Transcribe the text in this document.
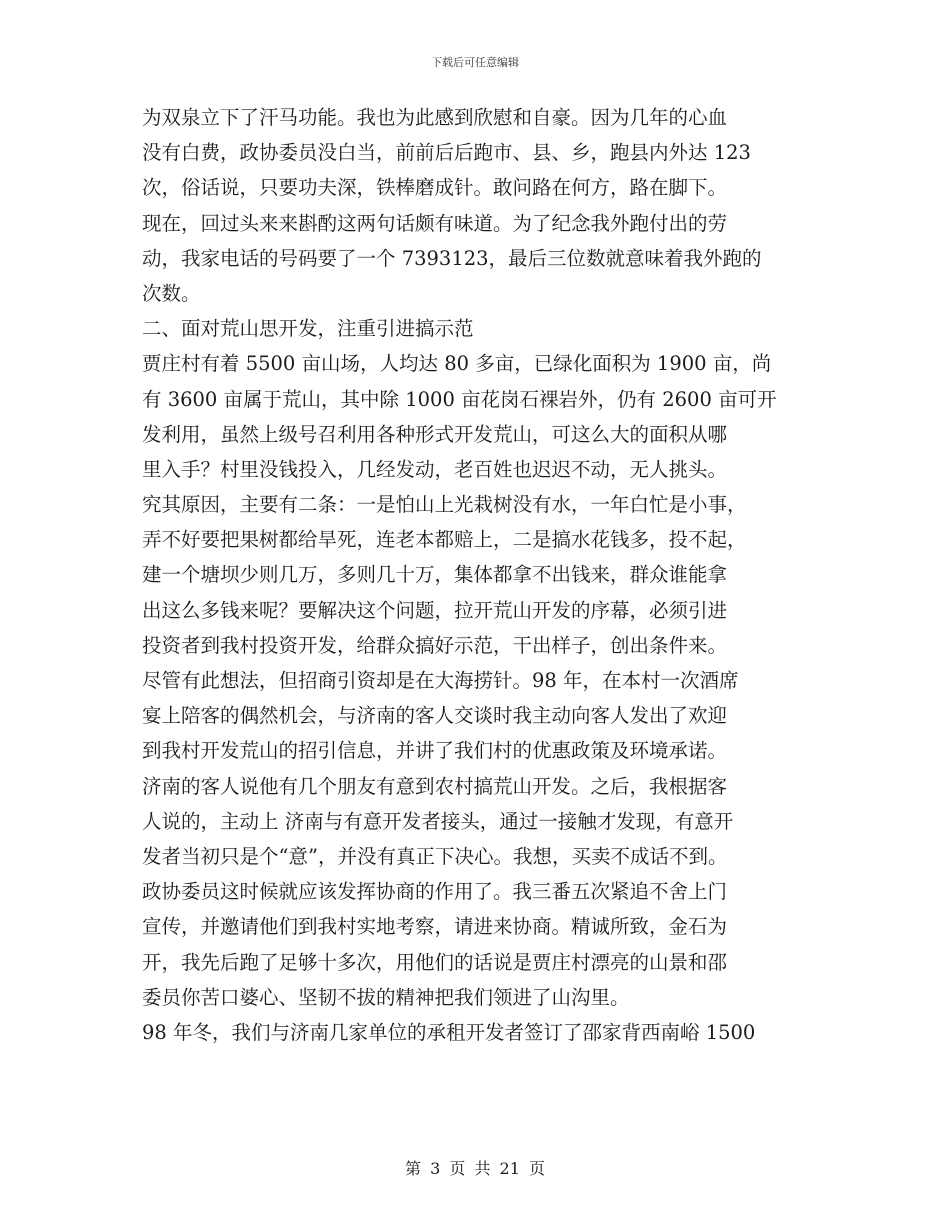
下载后可任意编辑
为双泉立下了汗马功能。我也为此感到欣慰和自豪。因为几年的心血
没有白费，政协委员没白当，前前后后跑市、县、乡，跑县内外达 123
次，俗话说，只要功夫深，铁棒磨成针。敢问路在何方，路在脚下。
现在，回过头来来斟酌这两句话颇有味道。为了纪念我外跑付出的劳
动，我家电话的号码要了一个 7393123，最后三位数就意味着我外跑的
次数。
二、面对荒山思开发，注重引进搞示范
贾庄村有着 5500 亩山场，人均达 80 多亩，已绿化面积为 1900 亩，尚
有 3600 亩属于荒山，其中除 1000 亩花岗石裸岩外，仍有 2600 亩可开
发利用，虽然上级号召利用各种形式开发荒山，可这么大的面积从哪
里入手？村里没钱投入，几经发动，老百姓也迟迟不动，无人挑头。
究其原因，主要有二条：一是怕山上光栽树没有水，一年白忙是小事，
弄不好要把果树都给旱死，连老本都赔上，二是搞水花钱多，投不起，
建一个塘坝少则几万，多则几十万，集体都拿不出钱来，群众谁能拿
出这么多钱来呢？要解决这个问题，拉开荒山开发的序幕，必须引进
投资者到我村投资开发，给群众搞好示范，干出样子，创出条件来。
尽管有此想法，但招商引资却是在大海捞针。98 年，在本村一次酒席
宴上陪客的偶然机会，与济南的客人交谈时我主动向客人发出了欢迎
到我村开发荒山的招引信息，并讲了我们村的优惠政策及环境承诺。
济南的客人说他有几个朋友有意到农村搞荒山开发。之后，我根据客
人说的，主动上 济南与有意开发者接头，通过一接触才发现，有意开
发者当初只是个“意”，并没有真正下决心。我想，买卖不成话不到。
政协委员这时候就应该发挥协商的作用了。我三番五次紧追不舍上门
宣传，并邀请他们到我村实地考察，请进来协商。精诚所致，金石为
开，我先后跑了足够十多次，用他们的话说是贾庄村漂亮的山景和邵
委员你苦口婆心、坚韧不拔的精神把我们领进了山沟里。
98 年冬，我们与济南几家单位的承租开发者签订了邵家背西南峪 1500
第 3 页 共 21 页
